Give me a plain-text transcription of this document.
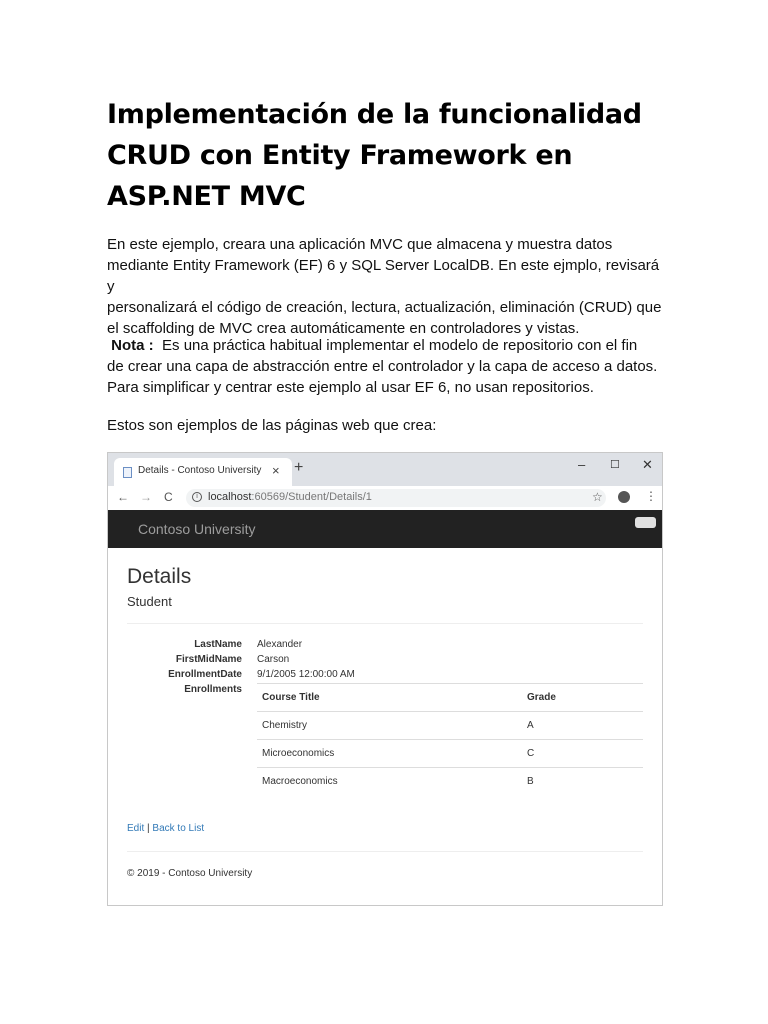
Implementación de la funcionalidad
CRUD con Entity Framework en
ASP.NET MVC

En este ejemplo, creara una aplicación MVC que almacena y muestra datos

mediante Entity Framework (EF) 6 y SQL Server LocalDB. En este ejmplo, revisará y

personalizará el código de creación, lectura, actualización, eliminación (CRUD) que

el scaffolding de MVC crea automáticamente en controladores y vistas.

Nota : Es una práctica habitual implementar el modelo de repositorio con el fin

de crear una capa de abstracción entre el controlador y la capa de acceso a datos.

Para simplificar y centrar este ejemplo al usar EF 6, no usan repositorios.

Estos son ejemplos de las páginas web que crea:

Details - Contoso University × +	– ☐ ✕
← → C	i localhost:60569/Student/Details/1	☆	⋮
Contoso University
Details
Student
LastName Alexander
FirstMidName Carson
EnrollmentDate 9/1/2005 12:00:00 AM
Enrollments
Course Title	Grade
Chemistry	A
Microeconomics	C
Macroeconomics	B
Edit | Back to List
© 2019 - Contoso University
